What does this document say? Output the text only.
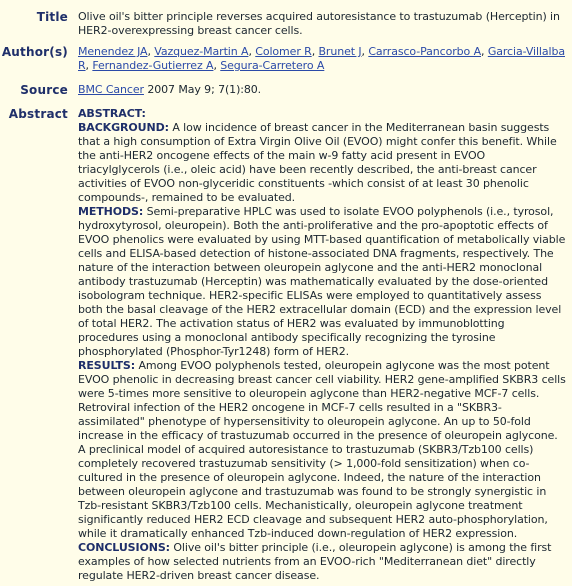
Title Olive oil's bitter principle reverses acquired autoresistance to trastuzumab (Herceptin) in HER2-overexpressing breast cancer cells.
Author(s) Menendez JA, Vazquez-Martin A, Colomer R, Brunet J, Carrasco-Pancorbo A, Garcia-Villalba R, Fernandez-Gutierrez A, Segura-Carretero A
Source BMC Cancer 2007 May 9; 7(1):80.
Abstract ABSTRACT:

BACKGROUND: A low incidence of breast cancer in the Mediterranean basin suggests that a high consumption of Extra Virgin Olive Oil (EVOO) might confer this benefit. While the anti-HER2 oncogene effects of the main w-9 fatty acid present in EVOO triacylglycerols (i.e., oleic acid) have been recently described, the anti-breast cancer activities of EVOO non-glyceridic constituents -which consist of at least 30 phenolic compounds-, remained to be evaluated.

METHODS: Semi-preparative HPLC was used to isolate EVOO polyphenols (i.e., tyrosol, hydroxytyrosol, oleuropein). Both the anti-proliferative and the pro-apoptotic effects of EVOO phenolics were evaluated by using MTT-based quantification of metabolically viable cells and ELISA-based detection of histone-associated DNA fragments, respectively. The nature of the interaction between oleuropein aglycone and the anti-HER2 monoclonal antibody trastuzumab (Herceptin) was mathematically evaluated by the dose-oriented isobologram technique. HER2-specific ELISAs were employed to quantitatively assess both the basal cleavage of the HER2 extracellular domain (ECD) and the expression level of total HER2. The activation status of HER2 was evaluated by immunoblotting procedures using a monoclonal antibody specifically recognizing the tyrosine phosphorylated (Phosphor-Tyr1248) form of HER2.

RESULTS: Among EVOO polyphenols tested, oleuropein aglycone was the most potent EVOO phenolic in decreasing breast cancer cell viability. HER2 gene-amplified SKBR3 cells were 5-times more sensitive to oleuropein aglycone than HER2-negative MCF-7 cells. Retroviral infection of the HER2 oncogene in MCF-7 cells resulted in a "SKBR3-assimilated" phenotype of hypersensitivity to oleuropein aglycone. An up to 50-fold increase in the efficacy of trastuzumab occurred in the presence of oleuropein aglycone. A preclinical model of acquired autoresistance to trastuzumab (SKBR3/Tzb100 cells) completely recovered trastuzumab sensitivity (> 1,000-fold sensitization) when co-cultured in the presence of oleuropein aglycone. Indeed, the nature of the interaction between oleuropein aglycone and trastuzumab was found to be strongly synergistic in Tzb-resistant SKBR3/Tzb100 cells. Mechanistically, oleuropein aglycone treatment significantly reduced HER2 ECD cleavage and subsequent HER2 auto-phosphorylation, while it dramatically enhanced Tzb-induced down-regulation of HER2 expression.

CONCLUSIONS: Olive oil's bitter principle (i.e., oleuropein aglycone) is among the first examples of how selected nutrients from an EVOO-rich "Mediterranean diet" directly regulate HER2-driven breast cancer disease.
